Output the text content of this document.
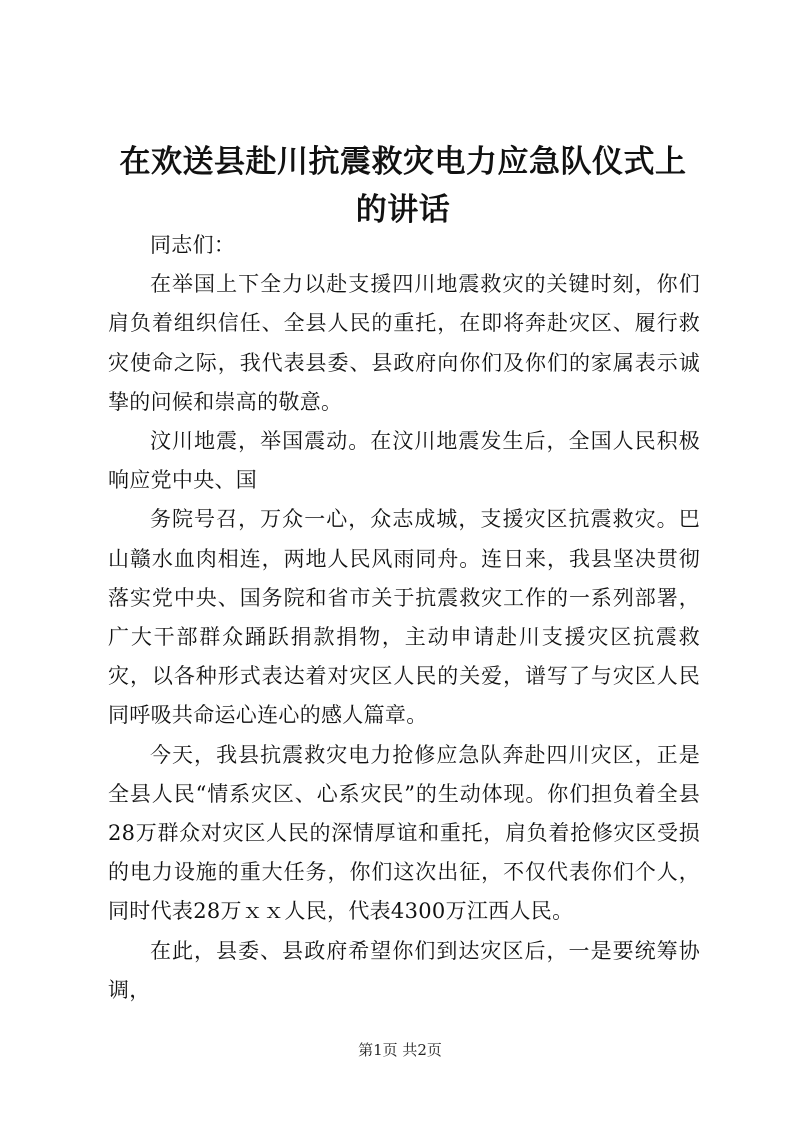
在欢送县赴川抗震救灾电力应急队仪式上的讲话

同志们：

在举国上下全力以赴支援四川地震救灾的关键时刻，你们肩负着组织信任、全县人民的重托，在即将奔赴灾区、履行救灾使命之际，我代表县委、县政府向你们及你们的家属表示诚挚的问候和崇高的敬意。

汶川地震，举国震动。在汶川地震发生后，全国人民积极响应党中央、国

务院号召，万众一心，众志成城，支援灾区抗震救灾。巴山赣水血肉相连，两地人民风雨同舟。连日来，我县坚决贯彻落实党中央、国务院和省市关于抗震救灾工作的一系列部署，广大干部群众踊跃捐款捐物，主动申请赴川支援灾区抗震救灾，以各种形式表达着对灾区人民的关爱，谱写了与灾区人民同呼吸共命运心连心的感人篇章。

今天，我县抗震救灾电力抢修应急队奔赴四川灾区，正是全县人民“情系灾区、心系灾民”的生动体现。你们担负着全县28万群众对灾区人民的深情厚谊和重托，肩负着抢修灾区受损的电力设施的重大任务，你们这次出征，不仅代表你们个人，同时代表28万ｘｘ人民，代表4300万江西人民。

在此，县委、县政府希望你们到达灾区后，一是要统筹协调，

第1页 共2页
